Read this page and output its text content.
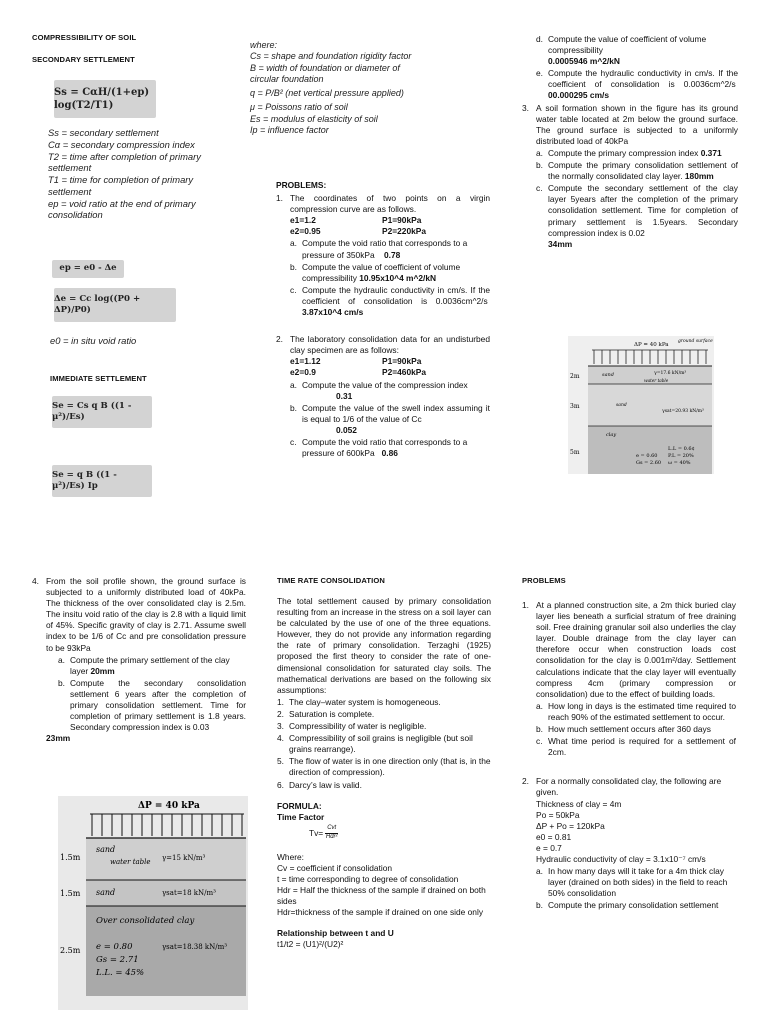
COMPRESSIBILITY OF SOIL
SECONDARY SETTLEMENT
Ss = CαH/(1+ep) log(T2/T1)
Ss = secondary settlement
Cα = secondary compression index
T2 = time after completion of primary settlement
T1 = time for completion of primary settlement
ep = void ratio at the end of primary consolidation
ep = e0 - Δe
Δe = Cc log((P0 + ΔP)/P0)
e0 = in situ void ratio
IMMEDIATE SETTLEMENT
Se = Cs q B ((1 - μ²)/Es)
Se = q B ((1 - μ²)/Es) Ip
where:
Cs = shape and foundation rigidity factor
B = width of foundation or diameter of circular foundation
q = P/B² (net vertical pressure applied)
μ = Poissons ratio of soil
Es = modulus of elasticity of soil
Ip = influence factor
PROBLEMS:
1. The coordinates of two points on a virgin compression curve are as follows.
e1=1.2	P1=90kPa
e2=0.95	P2=220kPa
a. Compute the void ratio that corresponds to a pressure of 350kPa 0.78
b. Compute the value of coefficient of volume compressibility 10.95x10^4 m^2/kN
c. Compute the hydraulic conductivity in cm/s. If the coefficient of consolidation is 0.0036cm^2/s  3.87x10^4 cm/s
2. The laboratory consolidation data for an undisturbed clay specimen are as follows:
e1=1.12	P1=90kPa
e2=0.9	P2=460kPa
a. Compute the value of the compression index
0.31
b. Compute the value of the swell index assuming it is equal to 1/6 of the value of Cc
0.052
c. Compute the void ratio that corresponds to a pressure of 600kPa 0.86
d. Compute the value of coefficient of volume compressibility
0.0005946 m^2/kN
e. Compute the hydraulic conductivity in cm/s. If the coefficient of consolidation is 0.0036cm^2/s  00.000295 cm/s
3. A soil formation shown in the figure has its ground water table located at 2m below the ground surface. The ground surface is subjected to a uniformly distributed load of 40kPa
a. Compute the primary compression index 0.371
b. Compute the primary consolidation settlement of the normally consolidated clay layer. 180mm
c. Compute the secondary settlement of the clay layer 5years after the completion of the primary consolidation settlement. Time for completion of primary settlement is 1.5years. Secondary compression index is 0.02
34mm
ΔP = 40 kPa
ground surface
2m
3m
5m
sand
water table
γ=17.6 kN/m³
sand
γsat=20.93 kN/m³
clay
L.L = 0.6¢
P.L = 20%
e = 0.60
ω = 40%
Gs = 2.60
4. From the soil profile shown, the ground surface is subjected to a uniformly distributed load of 40kPa. The thickness of the over consolidated clay is 2.5m. The insitu void ratio of the clay is 2.8 with a liquid limit of 45%. Specific gravity of clay is 2.71. Assume swell index to be 1/6 of Cc and pre consolidation pressure to be 93kPa
a. Compute the primary settlement of the clay layer 20mm
b. Compute the secondary consolidation settlement 6 years after the completion of primary consolidation settlement. Time for completion of primary settlement is 1.8 years. Secondary compression index is 0.03
23mm
ΔP = 40 kPa
1.5m
1.5m
2.5m
sand
water table γ=15 kN/m³
sand	γsat=18 kN/m³
Over consolidated clay
e = 0.80
Gs = 2.71
L.L. = 45%
γsat=18.38 kN/m³
TIME RATE CONSOLIDATION
The total settlement caused by primary consolidation resulting from an increase in the stress on a soil layer can be calculated by the use of one of the three equations. However, they do not provide any information regarding the rate of primary consolidation. Terzaghi (1925) proposed the first theory to consider the rate of one-dimensional consolidation for saturated clay soils. The mathematical derivations are based on the following six assumptions:
1. The clay–water system is homogeneous.
2. Saturation is complete.
3. Compressibility of water is negligible.
4. Compressibility of soil grains is negligible (but soil grains rearrange).
5. The flow of water is in one direction only (that is, in the direction of compression).
6. Darcy’s law is valid.
FORMULA:
Time Factor
Tv= Cvt
Hdr²
Where:
Cv = coefficient if consolidation
t = time corresponding to degree of consolidation
Hdr = Half the thickness of the sample if drained on both sides
Hdr=thickness of the sample if drained on one side only
Relationship between t and U
t1/t2 = (U1)²/(U2)²
PROBLEMS
1. At a planned construction site, a 2m thick buried clay layer lies beneath a surficial stratum of free draining soil. Free draining granular soil also underlies the clay layer. Double drainage from the clay layer can therefore occur when construction loads cost consolidation for the clay is 0.001m²/day. Settlement calculations indicate that the clay layer will eventually compress 4cm (primary compression or consolidation) due to the effect of building loads.
a. How long in days is the estimated time required to reach 90% of the estimated settlement to occur.
b. How much settlement occurs after 360 days
c. What time period is required for a settlement of 2cm.
2. For a normally consolidated clay, the following are given.
Thickness of clay = 4m
Po = 50kPa
ΔP + Po = 120kPa
e0 = 0.81
e = 0.7
Hydraulic conductivity of clay = 3.1x10⁻⁷ cm/s
a. In how many days will it take for a 4m thick clay layer (drained on both sides) in the field to reach 50% consolidation
b. Compute the primary consolidation settlement
